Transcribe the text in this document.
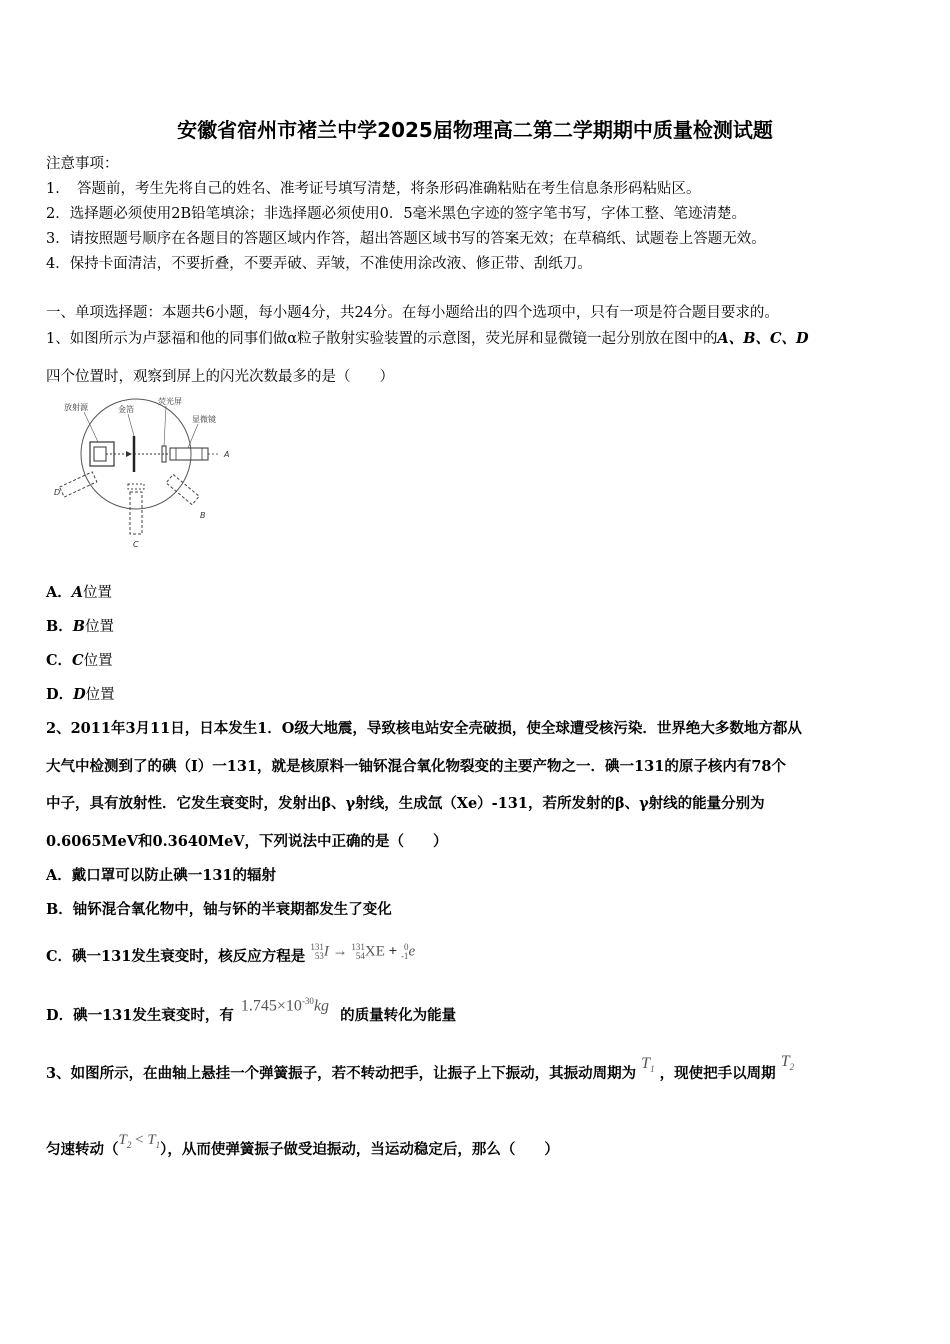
安徽省宿州市褚兰中学2025届物理高二第二学期期中质量检测试题
注意事项：
1．　答题前，考生先将自己的姓名、准考证号填写清楚，将条形码准确粘贴在考生信息条形码粘贴区。
2．选择题必须使用2B铅笔填涂；非选择题必须使用0．5毫米黑色字迹的签字笔书写，字体工整、笔迹清楚。
3．请按照题号顺序在各题目的答题区域内作答，超出答题区域书写的答案无效；在草稿纸、试题卷上答题无效。
4．保持卡面清洁，不要折叠，不要弄破、弄皱，不准使用涂改液、修正带、刮纸刀。
一、单项选择题：本题共6小题，每小题4分，共24分。在每小题给出的四个选项中，只有一项是符合题目要求的。
1、如图所示为卢瑟福和他的同事们做α粒子散射实验装置的示意图，荧光屏和显微镜一起分别放在图中的A、B、C、D
四个位置时，观察到屏上的闪光次数最多的是（　　）
放射源	金箔
荧光屏
显微镜
A
B
C
D
A．A位置
B．B位置
C．C位置
D．D位置
2、2011年3月11日，日本发生1．O级大地震，导致核电站安全壳破损，使全球遭受核污染．世界绝大多数地方都从
大气中检测到了的碘（I）一131，就是核原料一铀钚混合氧化物裂变的主要产物之一．碘一131的原子核内有78个
中子，具有放射性．它发生衰变时，发射出β、γ射线，生成氙（Xe）-131，若所发射的β、γ射线的能量分别为
0.6065MeV和0.3640MeV，下列说法中正确的是（　　）
A．戴口罩可以防止碘一131的辐射
B．铀钚混合氧化物中，铀与钚的半衰期都发生了变化
C．碘一131发生衰变时，核反应方程是 131
53I → 131
54XE + 0
-1e
D．碘一131发生衰变时，有 $1.745\times 10^{-30}kg$ 的质量转化为能量
3、如图所示，在曲轴上悬挂一个弹簧振子，若不转动把手，让振子上下振动，其振动周期为 $T_1$ ，现使把手以周期 $T_2$
匀速转动$(T_2 < T_1)$，从而使弹簧振子做受迫振动，当运动稳定后，那么（　　）
